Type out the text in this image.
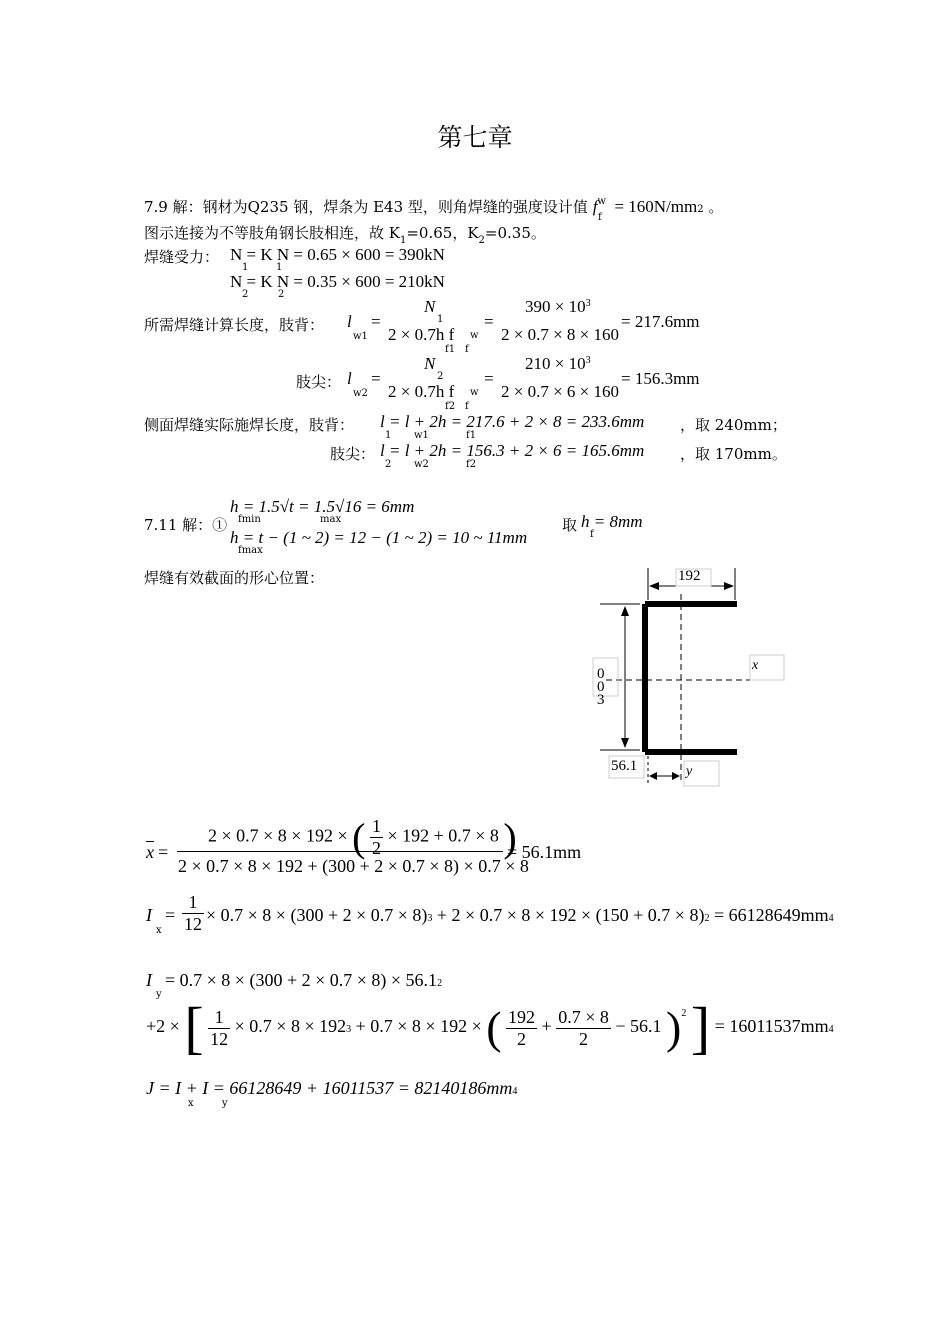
第七章
7.9 解：钢材为Q235 钢，焊条为 E43 型，则角焊缝的强度设计值 $f^w_f = 160N/mm2$ 。
图示连接为不等肢角钢长肢相连，故 $K_1=0.65$，$K_2=0.35$。
焊缝受力： N = K N = 0.65 × 600 = 390kN
1	1
N = K N = 0.35 × 600 = 210kN
2	2
所需焊缝计算长度，肢背： l
w1
=
N
1
2 × 0.7h f
f1 f
w
=
$390 \times 10^3$
2 × 0.7 × 8 × 160
= 217.6mm
肢尖： l
w2
=
N
2
2 × 0.7h f
f2 f
w
=
$210 \times 10^3$
2 × 0.7 × 6 × 160
= 156.3mm
侧面焊缝实际施焊长度，肢背： l = l + 2h = 217.6 + 2 × 8 = 233.6mm
1 w1	f1
，取 240mm；
肢尖： l = l + 2h = 156.3 + 2 × 6 = 165.6mm
2 w2	f2
，取 170mm。
7.11 解：①
h = 1.5√t = 1.5√16 = 6mm
fmin	max
h = t − (1 ~ 2) = 12 − (1 ~ 2) = 10 ~ 11mm
fmax
取 h = 8mm
f
焊缝有效截面的形心位置：	192
0
0
3
x
56.1	y
$\overline{x}$ =
2 × 0.7 × 8 × 192 × ( $\frac{1}{2} \times 192 + 0.7 \times 8$ )
2 × 0.7 × 8 × 192 + (300 + 2 × 0.7 × 8) × 0.7 × 8
= 56.1mm
I
x
= $\frac{1}{12} \times 0.7 \times 8 \times (300 + 2 \times 0.7 \times 8)3 + 2 \times 0.7 \times 8 \times 192 \times (150 + 0.7 \times 8)2 = 66128649mm4$
I
y
= 0.7 × 8 × (300 + 2 × 0.7 × 8) × 56.12
+2 × [ $\frac{1}{12} \times 0.7 \times 8 \times 1923 + 0.7 \times 8 \times 192$ × ( $\frac{192}{2} + \frac{0.7 \times 8}{2} - 56.1$ )$^2$ ] = 16011537mm4
J = I + I = 66128649 + 16011537 = 82140186mm4
x	y
